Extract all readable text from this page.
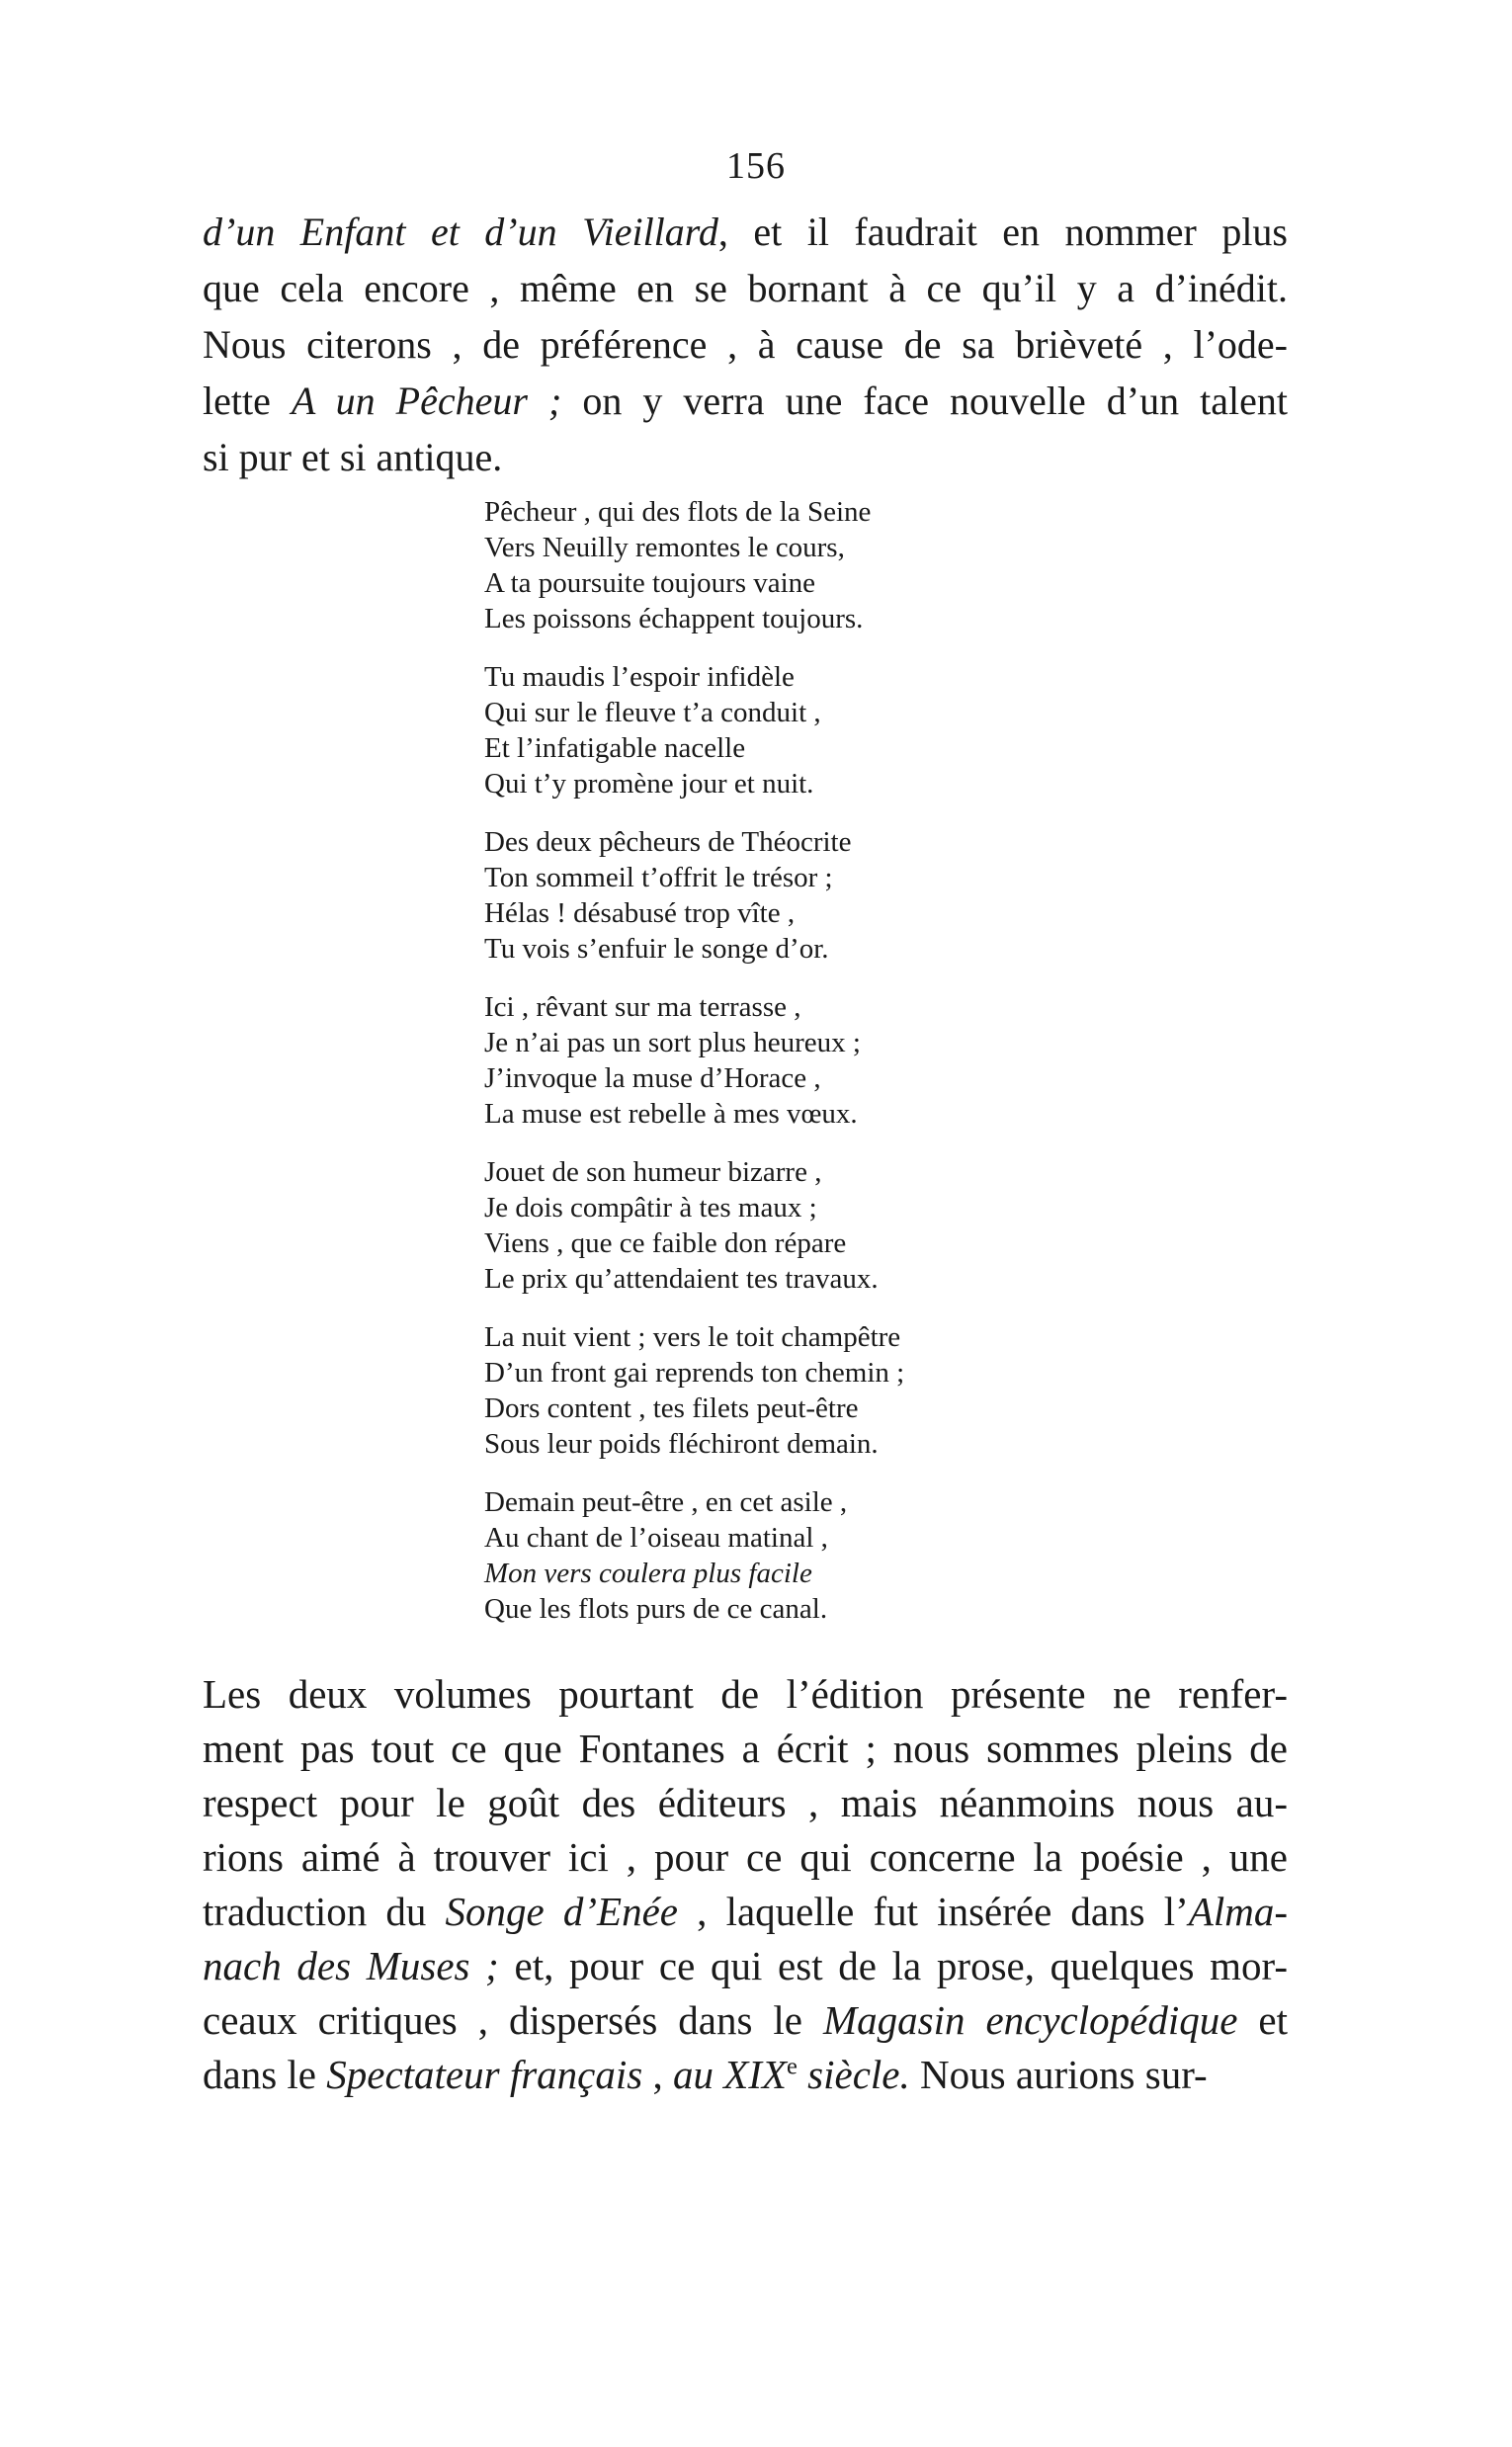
156
d’un Enfant et d’un Vieillard, et il faudrait en nommer plus
que cela encore , même en se bornant à ce qu’il y a d’inédit.
Nous citerons , de préférence , à cause de sa brièveté , l’ode-
lette A un Pêcheur ; on y verra une face nouvelle d’un talent
si pur et si antique.
Pêcheur , qui des flots de la Seine
Vers Neuilly remontes le cours,
A ta poursuite toujours vaine
Les poissons échappent toujours.
Tu maudis l’espoir infidèle
Qui sur le fleuve t’a conduit ,
Et l’infatigable nacelle
Qui t’y promène jour et nuit.
Des deux pêcheurs de Théocrite
Ton sommeil t’offrit le trésor ;
Hélas ! désabusé trop vîte ,
Tu vois s’enfuir le songe d’or.
Ici , rêvant sur ma terrasse ,
Je n’ai pas un sort plus heureux ;
J’invoque la muse d’Horace ,
La muse est rebelle à mes vœux.
Jouet de son humeur bizarre ,
Je dois compâtir à tes maux ;
Viens , que ce faible don répare
Le prix qu’attendaient tes travaux.
La nuit vient ; vers le toit champêtre
D’un front gai reprends ton chemin ;
Dors content , tes filets peut-être
Sous leur poids fléchiront demain.
Demain peut-être , en cet asile ,
Au chant de l’oiseau matinal ,
Mon vers coulera plus facile
Que les flots purs de ce canal.
Les deux volumes pourtant de l’édition présente ne renfer-
ment pas tout ce que Fontanes a écrit ; nous sommes pleins de
respect pour le goût des éditeurs , mais néanmoins nous au-
rions aimé à trouver ici , pour ce qui concerne la poésie , une
traduction du Songe d’Enée , laquelle fut insérée dans l’Alma-
nach des Muses ; et, pour ce qui est de la prose, quelques mor-
ceaux critiques , dispersés dans le Magasin encyclopédique et
dans le Spectateur français , au XIXe siècle. Nous aurions sur-
